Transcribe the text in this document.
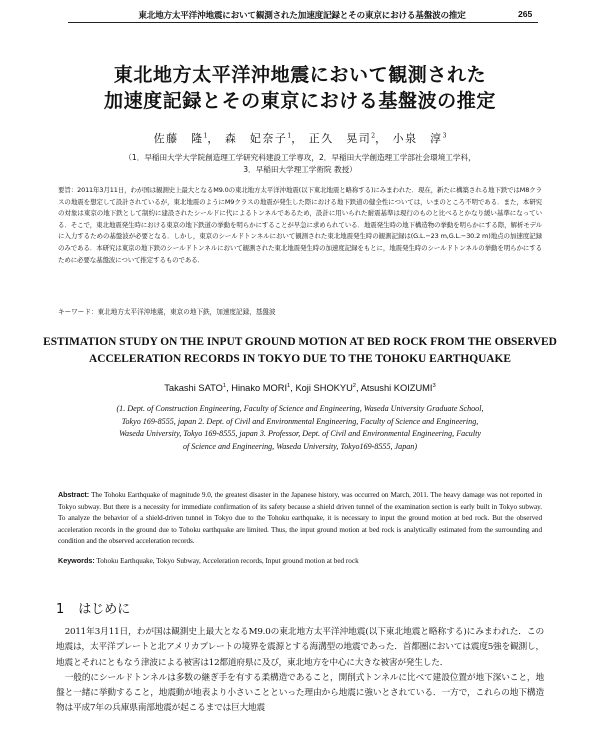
東北地方太平洋沖地震において観測された加速度記録とその東京における基盤波の推定	265
東北地方太平洋沖地震において観測された
加速度記録とその東京における基盤波の推定
佐藤　隆$^1$， 森　妃奈子$^1$， 正久　晃司$^2$， 小泉　淳$^3$
（1．早稲田大学大学院創造理工学研究科建設工学専攻，2．早稲田大学創造理工学部社会環境工学科，
3．早稲田大学理工学術院 教授）
要旨：2011年3月11日，わが国は観測史上最大となるM9.0の東北地方太平洋沖地震(以下東北地震と略称する)にみまわれた．現在，新たに構築される地下鉄ではM8クラスの地震を想定して設計されているが，東北地震のようにM9クラスの地震が発生した際における地下鉄道の健全性については，いまのところ不明である．また，本研究の対象は東京の地下鉄として制約に建設されたシールドに代によるトンネルであるため，設計に用いられた耐震基準は現行のものと比べるとかなり緩い基準になっている．そこで，東北地震発生時における東京の地下鉄道の挙動を明らかにすることが早急に求められている．地震発生時の地下構造物の挙動を明らかにする際，解析モデルに入力するための基盤波が必要となる．しかし，東京のシールドトンネルにおいて観測された東北地震発生時の観測記録は(G.L.−23 m,G.L.−30.2 m)地点の加速度記録のみである．本研究は東京の地下鉄のシールドトンネルにおいて観測された東北地震発生時の加速度記録をもとに，地震発生時のシールドトンネルの挙動を明らかにするために必要な基盤波について推定するものである．
キーワード：東北地方太平洋沖地震，東京の地下鉄，加速度記録，基盤波
ESTIMATION STUDY ON THE INPUT GROUND MOTION AT BED ROCK FROM THE OBSERVED
ACCELERATION RECORDS IN TOKYO DUE TO THE TOHOKU EARTHQUAKE
Takashi SATO$^1$, Hinako MORI$^1$, Koji SHOKYU$^2$, Atsushi KOIZUMI$^3$
(1. Dept. of Construction Engineering, Faculty of Science and Engineering, Waseda University Graduate School,
Tokyo 169-8555, japan 2. Dept. of Civil and Environmental Engineering, Faculty of Science and Engineering,
Waseda University, Tokyo 169-8555, japan 3. Professor, Dept. of Civil and Environmental Engineering, Faculty
of Science and Engineering, Waseda University, Tokyo169-8555, Japan)
Abstract: The Tohoku Earthquake of magnitude 9.0, the greatest disaster in the Japanese history, was occurred on March, 2011. The heavy damage was not reported in Tokyo subway. But there is a necessity for immediate confirmation of its safety because a shield driven tunnel of the examination section is early built in Tokyo subway. To analyze the behavior of a shield-driven tunnel in Tokyo due to the Tohoku earthquake, it is necessary to input the ground motion at bed rock. But the observed acceleration records in the ground due to Tohoku earthquake are limited. Thus, the input ground motion at bed rock is analytically estimated from the surrounding and condition and the observed acceleration records.
Keywords: Tohoku Earthquake, Tokyo Subway, Acceleration records, Input ground motion at bed rock
1 はじめに

2011年3月11日，わが国は観測史上最大となるM9.0の東北地方太平洋沖地震(以下東北地震と略称する)にみまわれた．この地震は，太平洋プレートと北アメリカプレートの境界を震源とする海溝型の地震であった．首都圏においては震度5強を観測し，地震とそれにともなう津波による被害は12都道府県に及び，東北地方を中心に大きな被害が発生した．

一般的にシールドトンネルは多数の継ぎ手を有する柔構造であること，開削式トンネルに比べて建設位置が地下深いこと，地盤と一緒に挙動すること，地震動が地表より小さいことといった理由から地震に強いとされている．一方で，これらの地下構造物は平成7年の兵庫県南部地震が起こるまでは巨大地震
